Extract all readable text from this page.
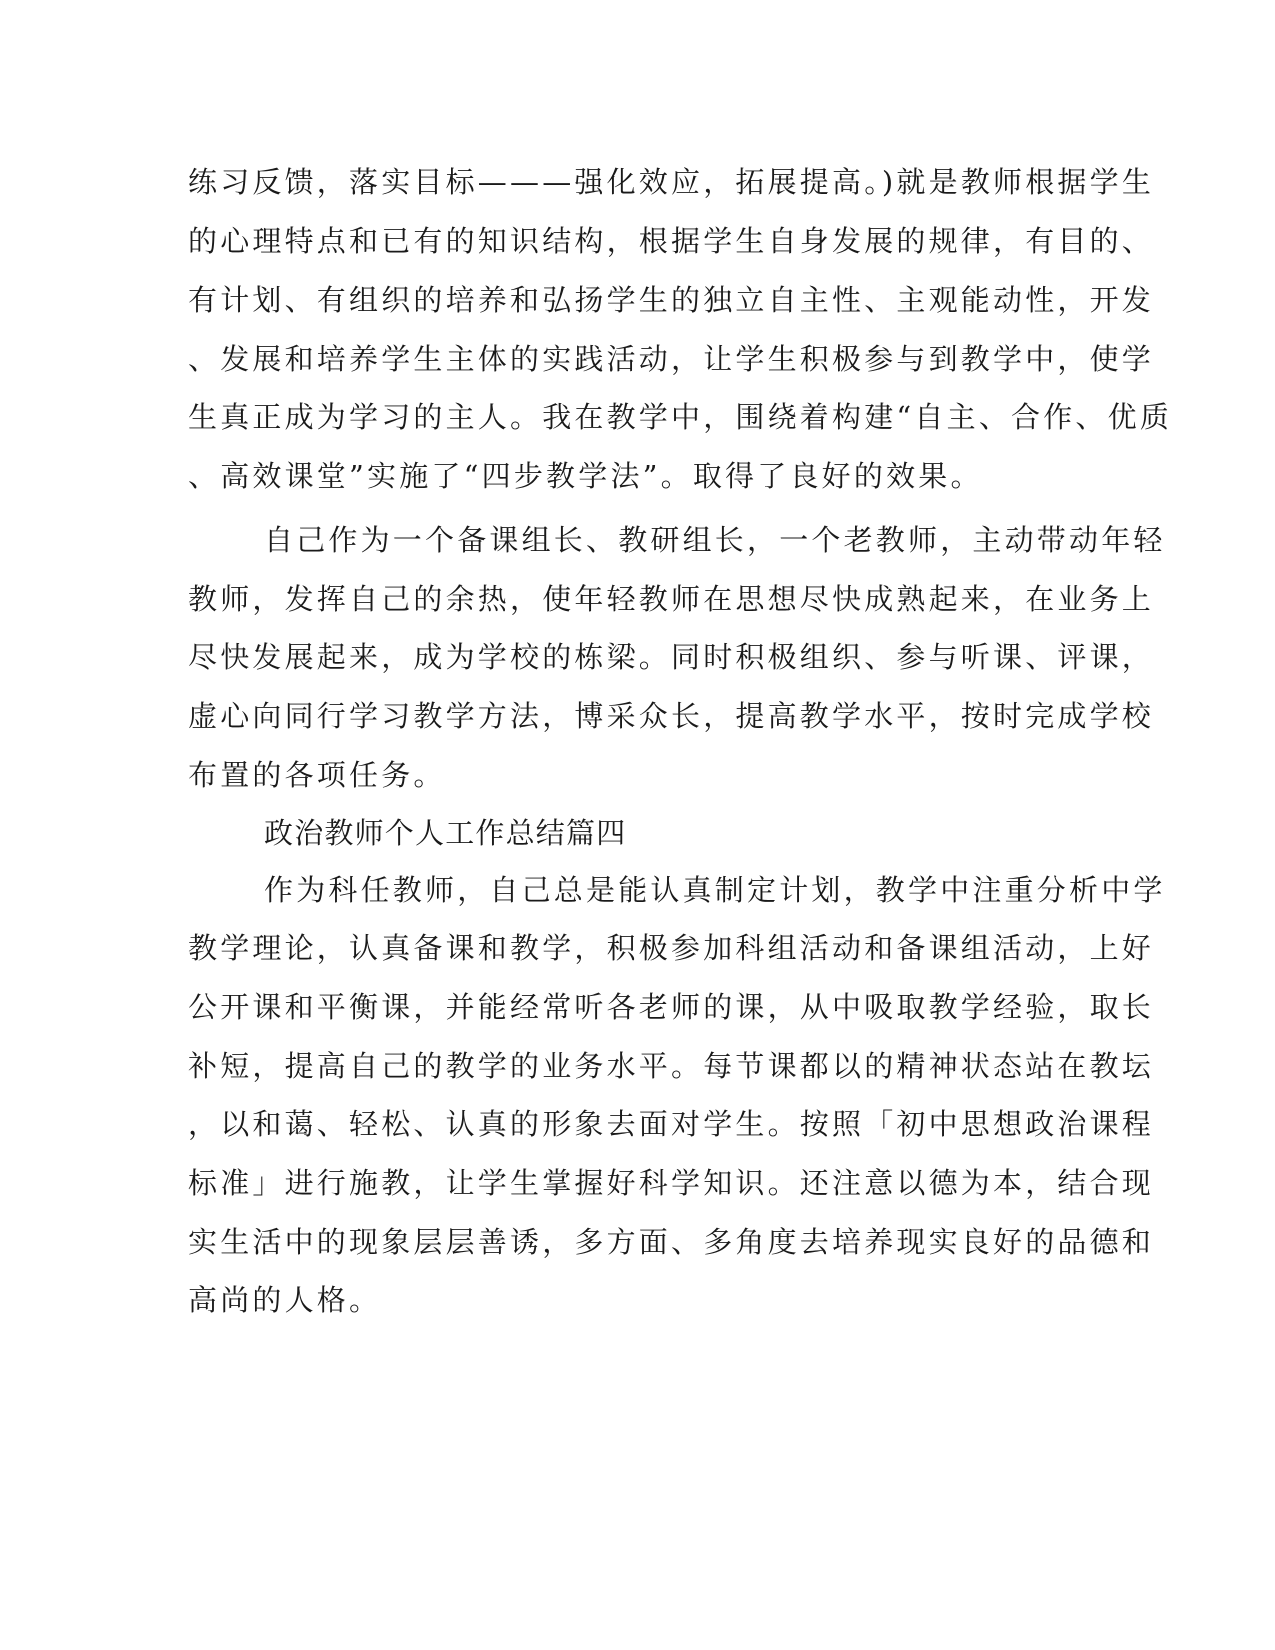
练习反馈，落实目标———强化效应，拓展提高。)就是教师根据学生
的心理特点和已有的知识结构，根据学生自身发展的规律，有目的、
有计划、有组织的培养和弘扬学生的独立自主性、主观能动性，开发
、发展和培养学生主体的实践活动，让学生积极参与到教学中，使学
生真正成为学习的主人。我在教学中，围绕着构建“自主、合作、优质
、高效课堂”实施了“四步教学法”。取得了良好的效果。
自己作为一个备课组长、教研组长，一个老教师，主动带动年轻
教师，发挥自己的余热，使年轻教师在思想尽快成熟起来，在业务上
尽快发展起来，成为学校的栋梁。同时积极组织、参与听课、评课，
虚心向同行学习教学方法，博采众长，提高教学水平，按时完成学校
布置的各项任务。
政治教师个人工作总结篇四
作为科任教师，自己总是能认真制定计划，教学中注重分析中学
教学理论，认真备课和教学，积极参加科组活动和备课组活动，上好
公开课和平衡课，并能经常听各老师的课，从中吸取教学经验，取长
补短，提高自己的教学的业务水平。每节课都以的精神状态站在教坛
，以和蔼、轻松、认真的形象去面对学生。按照「初中思想政治课程
标准」进行施教，让学生掌握好科学知识。还注意以德为本，结合现
实生活中的现象层层善诱，多方面、多角度去培养现实良好的品德和
高尚的人格。
